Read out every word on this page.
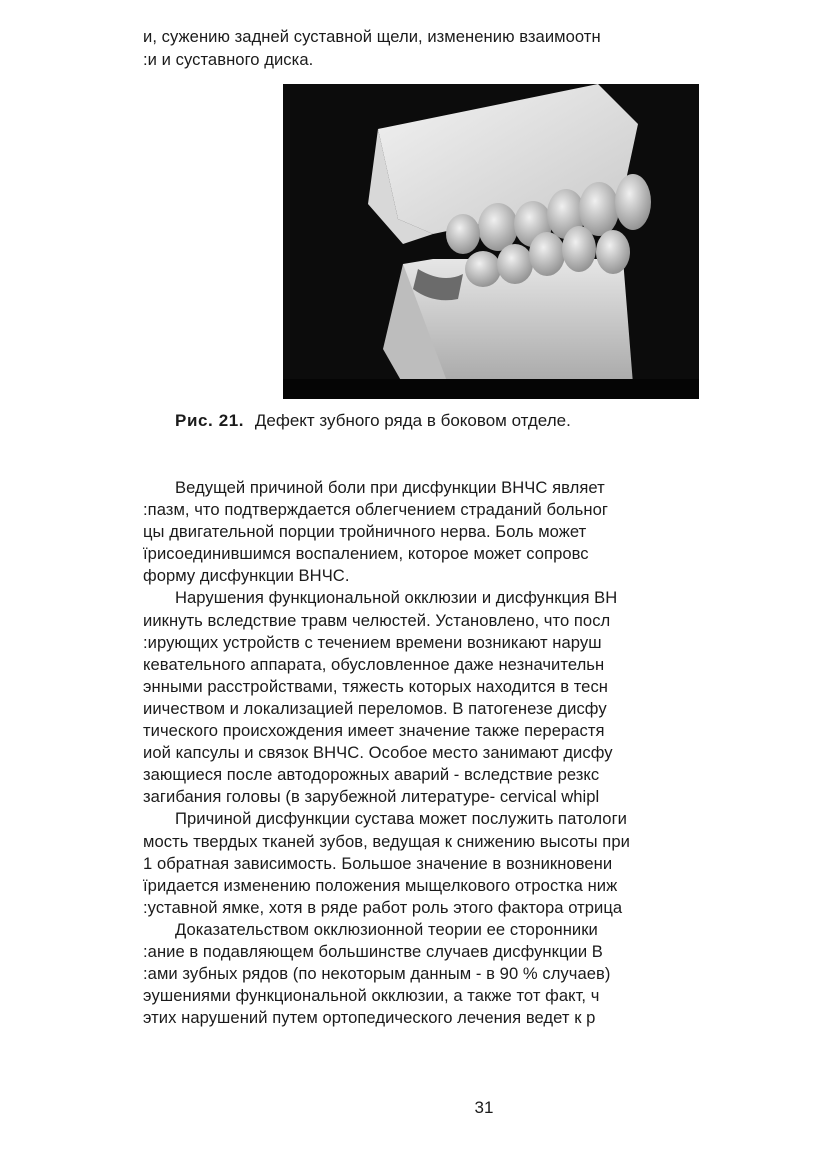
и, сужению задней суставной щели, изменению взаимоотн
:и и суставного диска.
Рис. 21. Дефект зубного ряда в боковом отделе.
Ведущей причиной боли при дисфункции ВНЧС являет
:пазм, что подтверждается облегчением страданий больног
цы двигательной порции тройничного нерва. Боль может
їрисоединившимся воспалением, которое может сопровс
форму дисфункции ВНЧС.
Нарушения функциональной окклюзии и дисфункция ВН
иикнуть вследствие травм челюстей. Установлено, что посл
:ирующих устройств с течением времени возникают наруш
кевательного аппарата, обусловленное даже незначительн
энными расстройствами, тяжесть которых находится в тесн
иичеством и локализацией переломов. В патогенезе дисфу
тического происхождения имеет значение также перерастя
иой капсулы и связок ВНЧС. Особое место занимают дисфу
зающиеся после автодорожных аварий - вследствие резкс
загибания головы (в зарубежной литературе- cervical whipl
Причиной дисфункции сустава может послужить патологи
мость твердых тканей зубов, ведущая к снижению высоты при
1 обратная зависимость. Большое значение в возникновени
їридается изменению положения мыщелкового отростка ниж
:уставной ямке, хотя в ряде работ роль этого фактора отрица
Доказательством окклюзионной теории ее сторонники
:ание в подавляющем большинстве случаев дисфункции В
:ами зубных рядов (по некоторым данным - в 90 % случаев)
эушениями функциональной окклюзии, а также тот факт, ч
этих нарушений путем ортопедического лечения ведет к р
31
